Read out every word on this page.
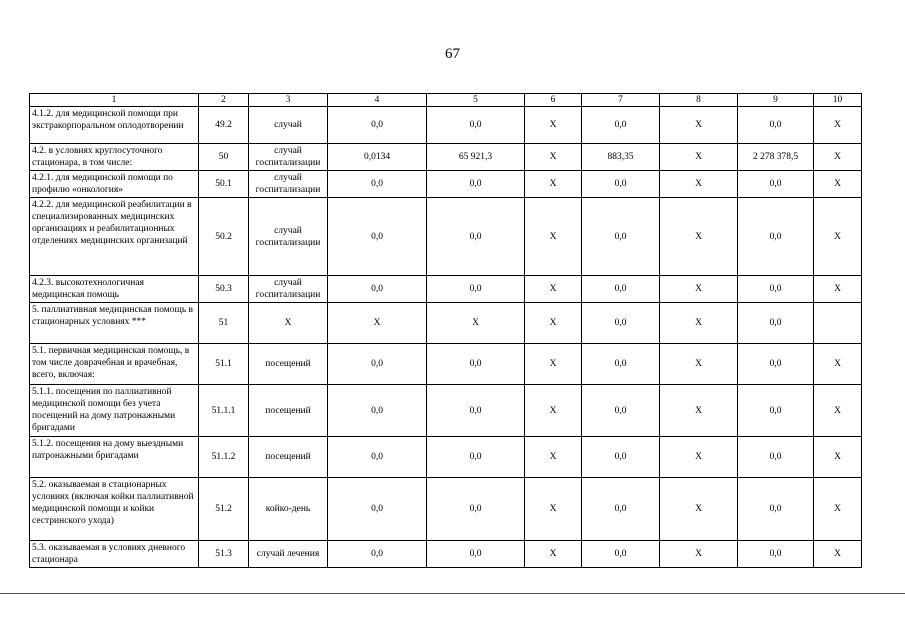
67
1	2	3	4	5	6	7	8	9	10
4.1.2. для медицинской помощи при экстракорпоральном оплодотворении	49.2	случай	0,0	0,0	X	0,0	X	0,0	X
4.2. в условиях круглосуточного стационара, в том числе:	50	случай госпитализации	0,0134	65 921,3	X	883,35	X	2 278 378,5	X
4.2.1. для медицинской помощи по профилю «онкология»	50.1	случай госпитализации	0,0	0,0	X	0,0	X	0,0	X
4.2.2. для медицинской реабилитации в специализированных медицинских организациях и реабилитационных отделениях медицинских организаций	50.2	случай госпитализации	0,0	0,0	X	0,0	X	0,0	X
4.2.3. высокотехнологичная медицинская помощь	50.3	случай госпитализации	0,0	0,0	X	0,0	X	0,0	X
5. паллиативная медицинская помощь в стационарных условиях ***	51	X	X	X	X	0,0	X	0,0	
5.1. первичная медицинская помощь, в том числе доврачебная и врачебная, всего, включая:	51.1	посещений	0,0	0,0	X	0,0	X	0,0	X
5.1.1. посещения по паллиативной медицинской помощи без учета посещений на дому патронажными бригадами	51.1.1	посещений	0,0	0,0	X	0,0	X	0,0	X
5.1.2. посещения на дому выездными патронажными бригадами	51.1.2	посещений	0,0	0,0	X	0,0	X	0,0	X
5.2. оказываемая в стационарных условиях (включая койки паллиативной медицинской помощи и койки сестринского ухода)	51.2	койко-день	0,0	0,0	X	0,0	X	0,0	X
5.3. оказываемая в условиях дневного стационара	51.3	случай лечения	0,0	0,0	X	0,0	X	0,0	X
